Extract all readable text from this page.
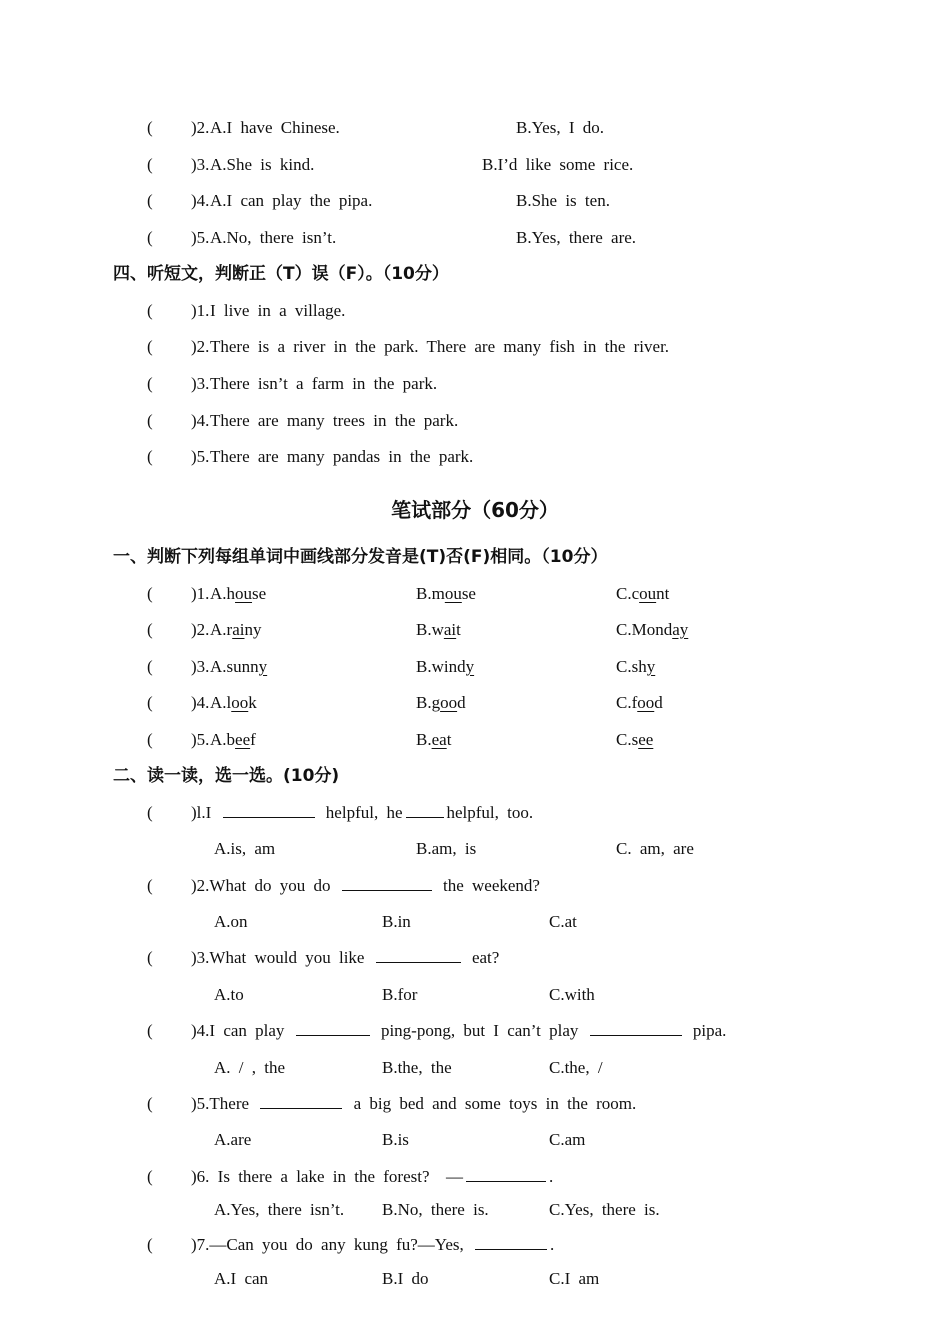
( )2. A.I have Chinese.	B.Yes, I do.
( )3. A.She is kind.	B.I’d like some rice.
( )4. A.I can play the pipa.	B.She is ten.
( )5. A.No, there isn’t.	B.Yes, there are.
四、听短文，判断正（T）误（F）。（10分）
( )1. I live in a village.
( )2. There is a river in the park. There are many fish in the river.
( )3. There isn’t a farm in the park.
( )4. There are many trees in the park.
( )5. There are many pandas in the park.
笔试部分（60分）
一、判断下列每组单词中画线部分发音是(T)否(F)相同。（10分）
( )1. A.house	B.mouse	C.count
( )2. A.rainy	B.wait	C.Monday
( )3. A.sunny	B.windy	C.shy
( )4. A.look	B.good	C.food
( )5. A.beef	B.eat	C.see
二、读一读，选一选。(10分)
( )l.I	helpful, he	helpful, too.
A.is, am	B.am, is	C. am, are
( )2.What do you do	the weekend?
A.on	B.in	C.at
( )3.What would you like	eat?
A.to	B.for	C.with
( )4.I can play	ping-pong, but I can’t play	pipa.
A. / , the	B.the, the	C.the, /
( )5.There	a big bed and some toys in the room.
A.are	B.is	C.am
( )6. Is there a lake in the forest? —	.
A.Yes, there isn’t. B.No, there is.	C.Yes, there is.
( )7.—Can you do any kung fu?—Yes,	.
A.I can	B.I do	C.I am
